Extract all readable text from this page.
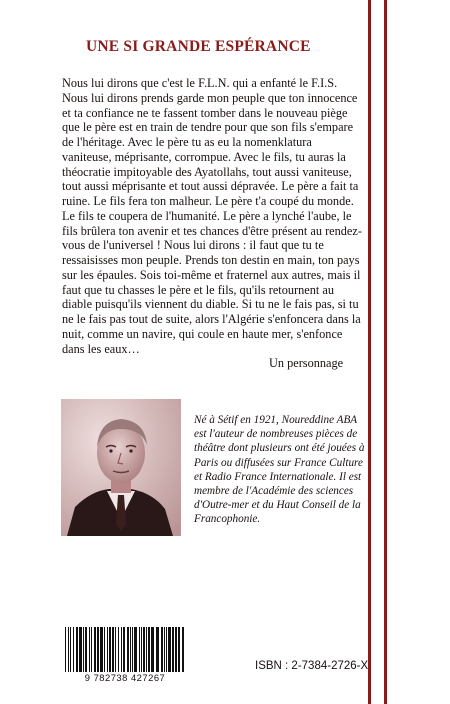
UNE SI GRANDE ESPÉRANCE
Nous lui dirons que c'est le F.L.N. qui a enfanté le F.I.S.
Nous lui dirons prends garde mon peuple que ton innocence
et ta confiance ne te fassent tomber dans le nouveau piège
que le père est en train de tendre pour que son fils s'empare
de l'héritage. Avec le père tu as eu la nomenklatura
vaniteuse, méprisante, corrompue. Avec le fils, tu auras la
théocratie impitoyable des Ayatollahs, tout aussi vaniteuse,
tout aussi méprisante et tout aussi dépravée. Le père a fait ta
ruine. Le fils fera ton malheur. Le père t'a coupé du monde.
Le fils te coupera de l'humanité. Le père a lynché l'aube, le
fils brûlera ton avenir et tes chances d'être présent au rendez-
vous de l'universel ! Nous lui dirons : il faut que tu te
ressaisisses mon peuple. Prends ton destin en main, ton pays
sur les épaules. Sois toi-même et fraternel aux autres, mais il
faut que tu chasses le père et le fils, qu'ils retournent au
diable puisqu'ils viennent du diable. Si tu ne le fais pas, si tu
ne le fais pas tout de suite, alors l'Algérie s'enfoncera dans la
nuit, comme un navire, qui coule en haute mer, s'enfonce
dans les eaux…
Un personnage
Né à Sétif en 1921, Noureddine ABA
est l'auteur de nombreuses pièces de
théâtre dont plusieurs ont été jouées à
Paris ou diffusées sur France Culture
et Radio France Internationale. Il est
membre de l'Académie des sciences
d'Outre-mer et du Haut Conseil de la
Francophonie.
9 782738 427267
ISBN : 2-7384-2726-X
